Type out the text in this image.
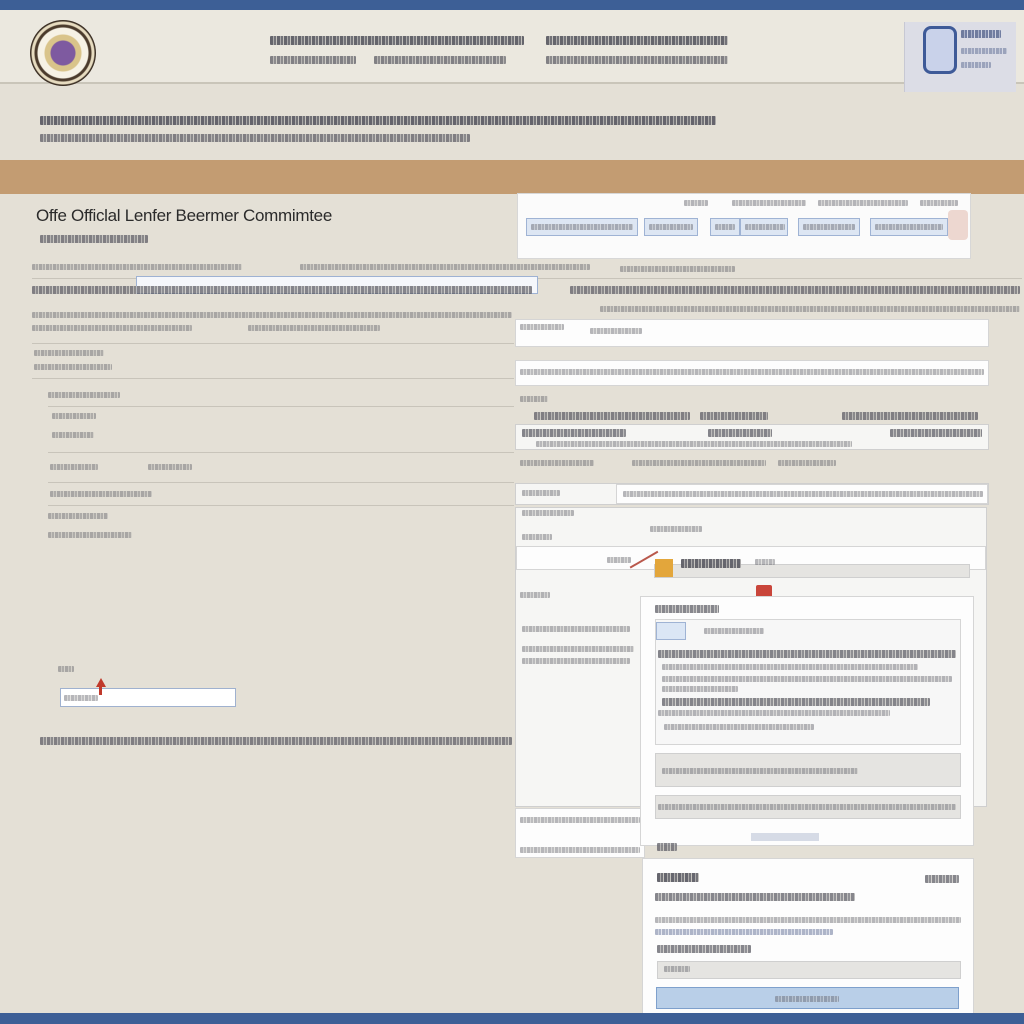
Offe Officlal Lenfer Beermer Commimtee
